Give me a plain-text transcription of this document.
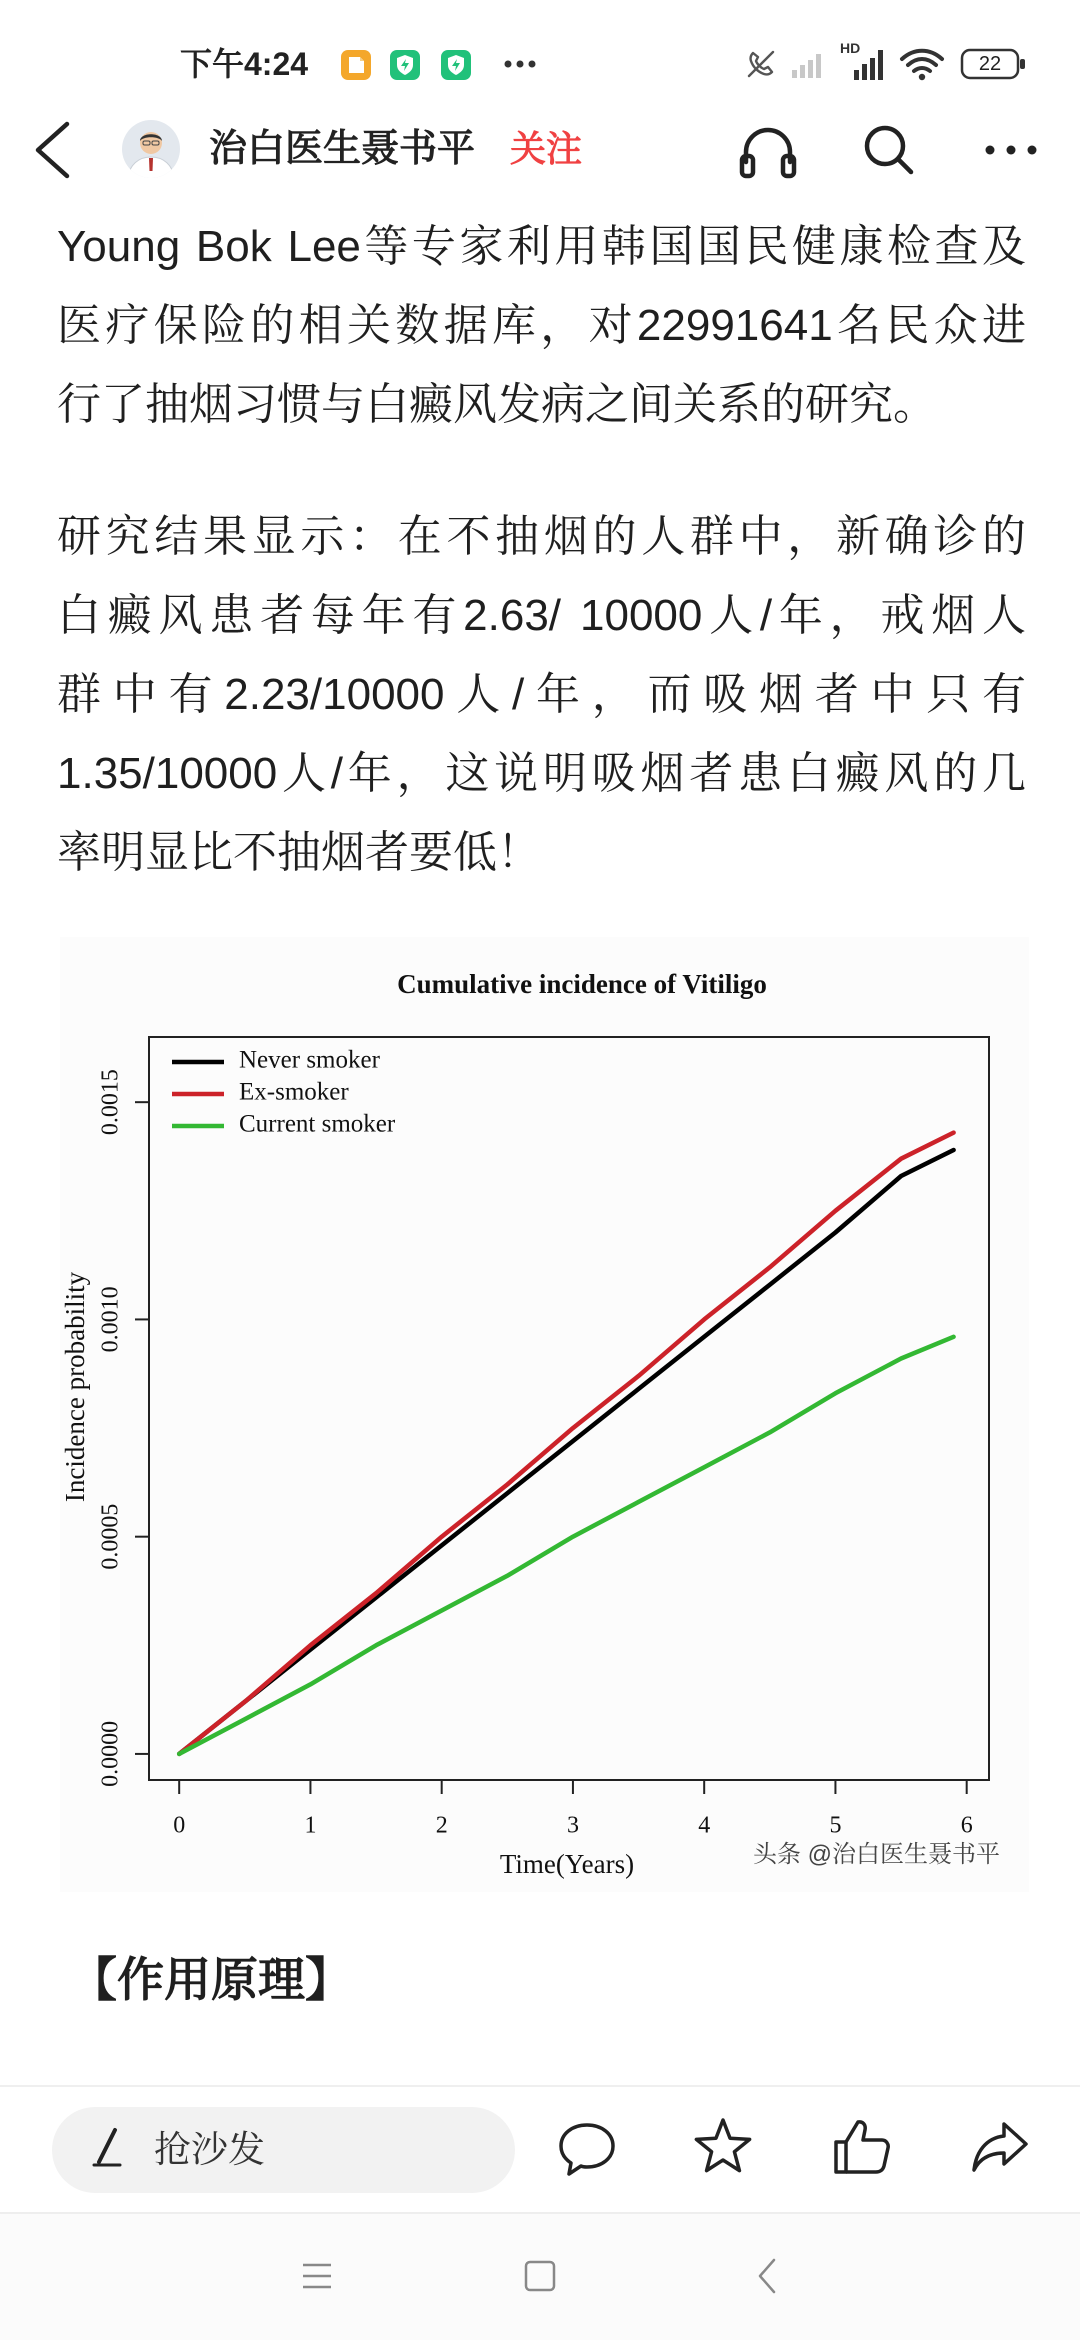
下午4:24	HD
22
治白医生聂书平 关注
Young Bok Lee等专家利用韩国国民健康检查及
医疗保险的相关数据库，对22991641名民众进
行了抽烟习惯与白癜风发病之间关系的研究。
研究结果显示：在不抽烟的人群中，新确诊的
白癜风患者每年有2.63/ 10000人/年，戒烟人
群中有2.23/10000人/年，而吸烟者中只有
1.35/10000人/年，这说明吸烟者患白癜风的几
率明显比不抽烟者要低！
Cumulative incidence of Vitiligo
0	1	2	3	4	5	6
0.0000
0.0005
0.0010
0.0015
Never smoker
Ex-smoker
Current smoker
Time(Years)
Incidence probability
头条 @治白医生聂书平
【作用原理】
抢沙发
